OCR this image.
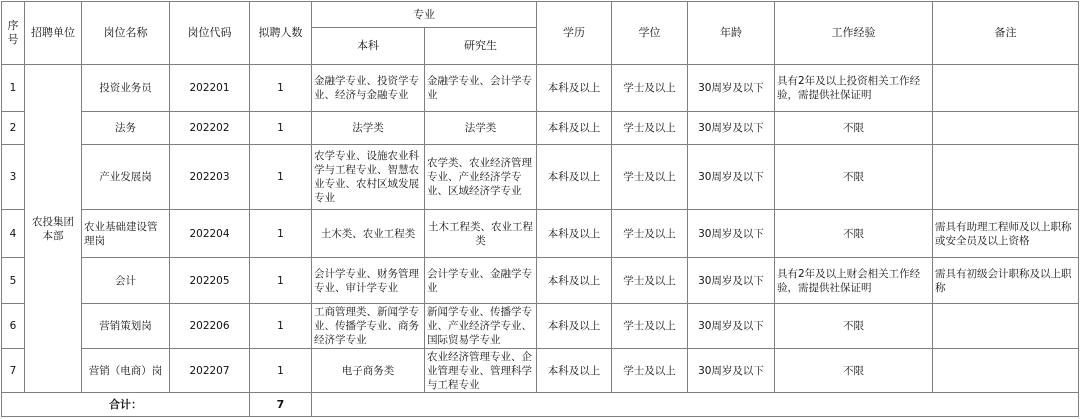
序号	招聘单位	岗位名称	岗位代码	拟聘人数	专业		学历	学位	年龄	工作经验	备注
					本科	研究生					
1	农投集团本部	投资业务员	202201	1	金融学专业、投资学专业、经济与金融专业	金融学专业、会计学专业	本科及以上	学士及以上	30周岁及以下	具有2年及以上投资相关工作经验，需提供社保证明	
2		法务	202202	1	法学类	法学类	本科及以上	学士及以上	30周岁及以下	不限	
3		产业发展岗	202203	1	农学专业、设施农业科学与工程专业、智慧农业专业、农村区域发展专业	农学类、农业经济管理专业、产业经济学专业、区域经济学专业	本科及以上	学士及以上	30周岁及以下	不限	
4		农业基础建设管理岗	202204	1	土木类、农业工程类	土木工程类、农业工程类	本科及以上	学士及以上	30周岁及以下	不限	需具有助理工程师及以上职称或安全员及以上资格
5		会计	202205	1	会计学专业、财务管理专业、审计学专业	会计学专业、金融学专业	本科及以上	学士及以上	30周岁及以下	具有2年及以上财会相关工作经验，需提供社保证明	需具有初级会计职称及以上职称
6		营销策划岗	202206	1	工商管理类、新闻学专业、传播学专业、商务经济学专业	新闻学专业、传播学专业、产业经济学专业、国际贸易学专业	本科及以上	学士及以上	30周岁及以下	不限	
7		营销（电商）岗	202207	1	电子商务类	农业经济管理专业、企业管理专业、管理科学与工程专业	本科及以上	学士及以上	30周岁及以下	不限	
合计：				7							
